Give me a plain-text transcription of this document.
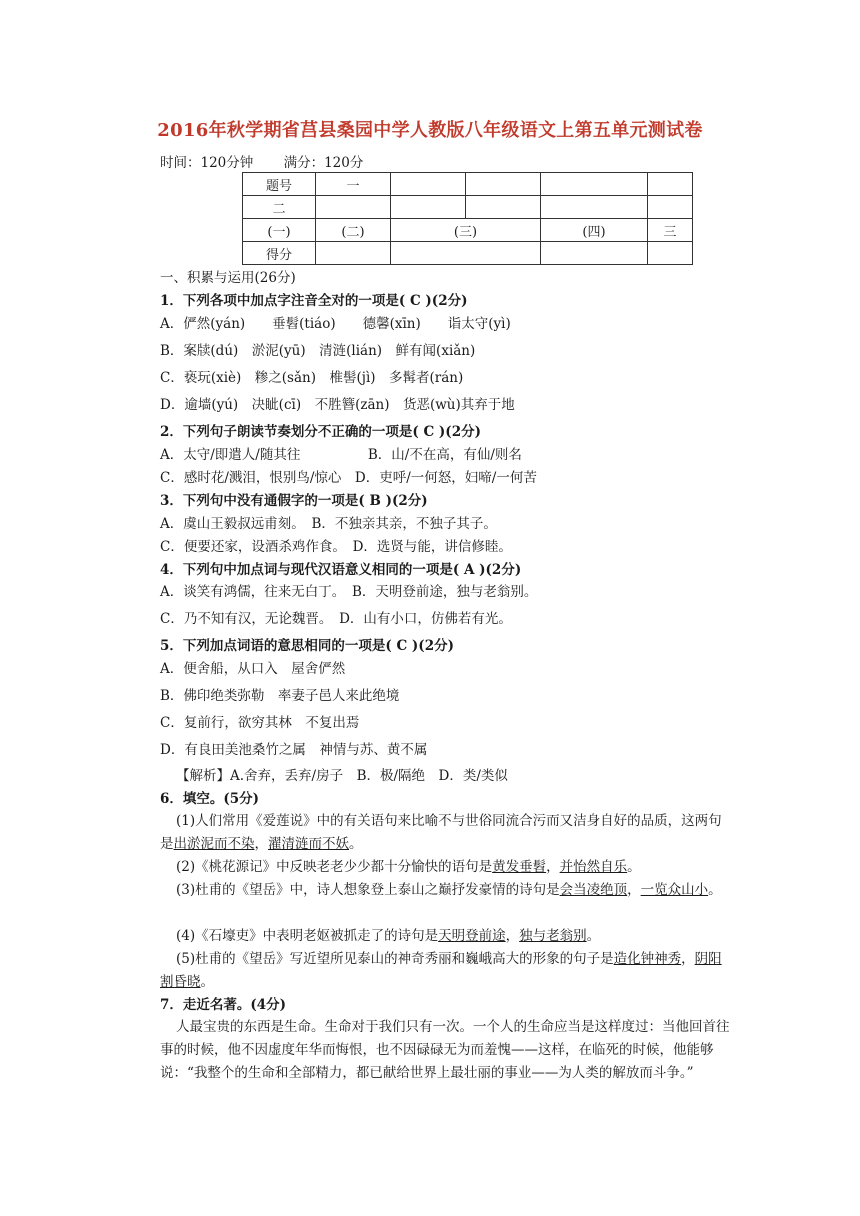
2016年秋学期省莒县桑园中学人教版八年级语文上第五单元测试卷
时间：120分钟 满分：120分
题号	一				
二					
(一)	(二)	(三)		(四)	三
得分					
一、积累与运用(26分)
1．下列各项中加点字注音全对的一项是( C )(2分)
A．俨然(yán)　　垂髫(tiáo)　　德馨(xīn)　　诣太守(yì)
B．案牍(dú)　淤泥(yū)　清涟(lián)　鲜有闻(xiǎn)
C．亵玩(xiè)　糁之(sǎn)　椎髻(jì)　多髯者(rán)
D．逾墙(yú)　决眦(cī)　不胜簪(zān)　货恶(wù)其弃于地
2．下列句子朗读节奏划分不正确的一项是( C )(2分)
A．太守/即遣人/随其往　　　　　B．山/不在高，有仙/则名
C．感时花/溅泪，恨别鸟/惊心　D．吏呼/一何怒，妇啼/一何苦
3．下列句中没有通假字的一项是( B )(2分)
A．虞山王毅叔远甫刻。　B．不独亲其亲，不独子其子。
C．便要还家，设酒杀鸡作食。　D．选贤与能，讲信修睦。
4．下列句中加点词与现代汉语意义相同的一项是( A )(2分)
A．谈笑有鸿儒，往来无白丁。　B．天明登前途，独与老翁别。
C．乃不知有汉，无论魏晋。　D．山有小口，仿佛若有光。
5．下列加点词语的意思相同的一项是( C )(2分)
A．便舍船，从口入　屋舍俨然
B．佛印绝类弥勒　率妻子邑人来此绝境
C．复前行，欲穷其林　不复出焉
D．有良田美池桑竹之属　神情与苏、黄不属
【解析】A.舍弃，丢弃/房子　B．极/隔绝　D．类/类似
6．填空。(5分)
(1)人们常用《爱莲说》中的有关语句来比喻不与世俗同流合污而又洁身自好的品质，这两句是出淤泥而不染，濯清涟而不妖。
(2)《桃花源记》中反映老老少少都十分愉快的语句是黄发垂髫，并怡然自乐。
(3)杜甫的《望岳》中，诗人想象登上泰山之巅抒发豪情的诗句是会当凌绝顶，一览众山小。
(4)《石壕吏》中表明老妪被抓走了的诗句是天明登前途，独与老翁别。
(5)杜甫的《望岳》写近望所见泰山的神奇秀丽和巍峨高大的形象的句子是造化钟神秀，阴阳割昏晓。
7．走近名著。(4分)
人最宝贵的东西是生命。生命对于我们只有一次。一个人的生命应当是这样度过：当他回首往事的时候，他不因虚度年华而悔恨，也不因碌碌无为而羞愧——这样，在临死的时候，他能够说：“我整个的生命和全部精力，都已献给世界上最壮丽的事业——为人类的解放而斗争。”
